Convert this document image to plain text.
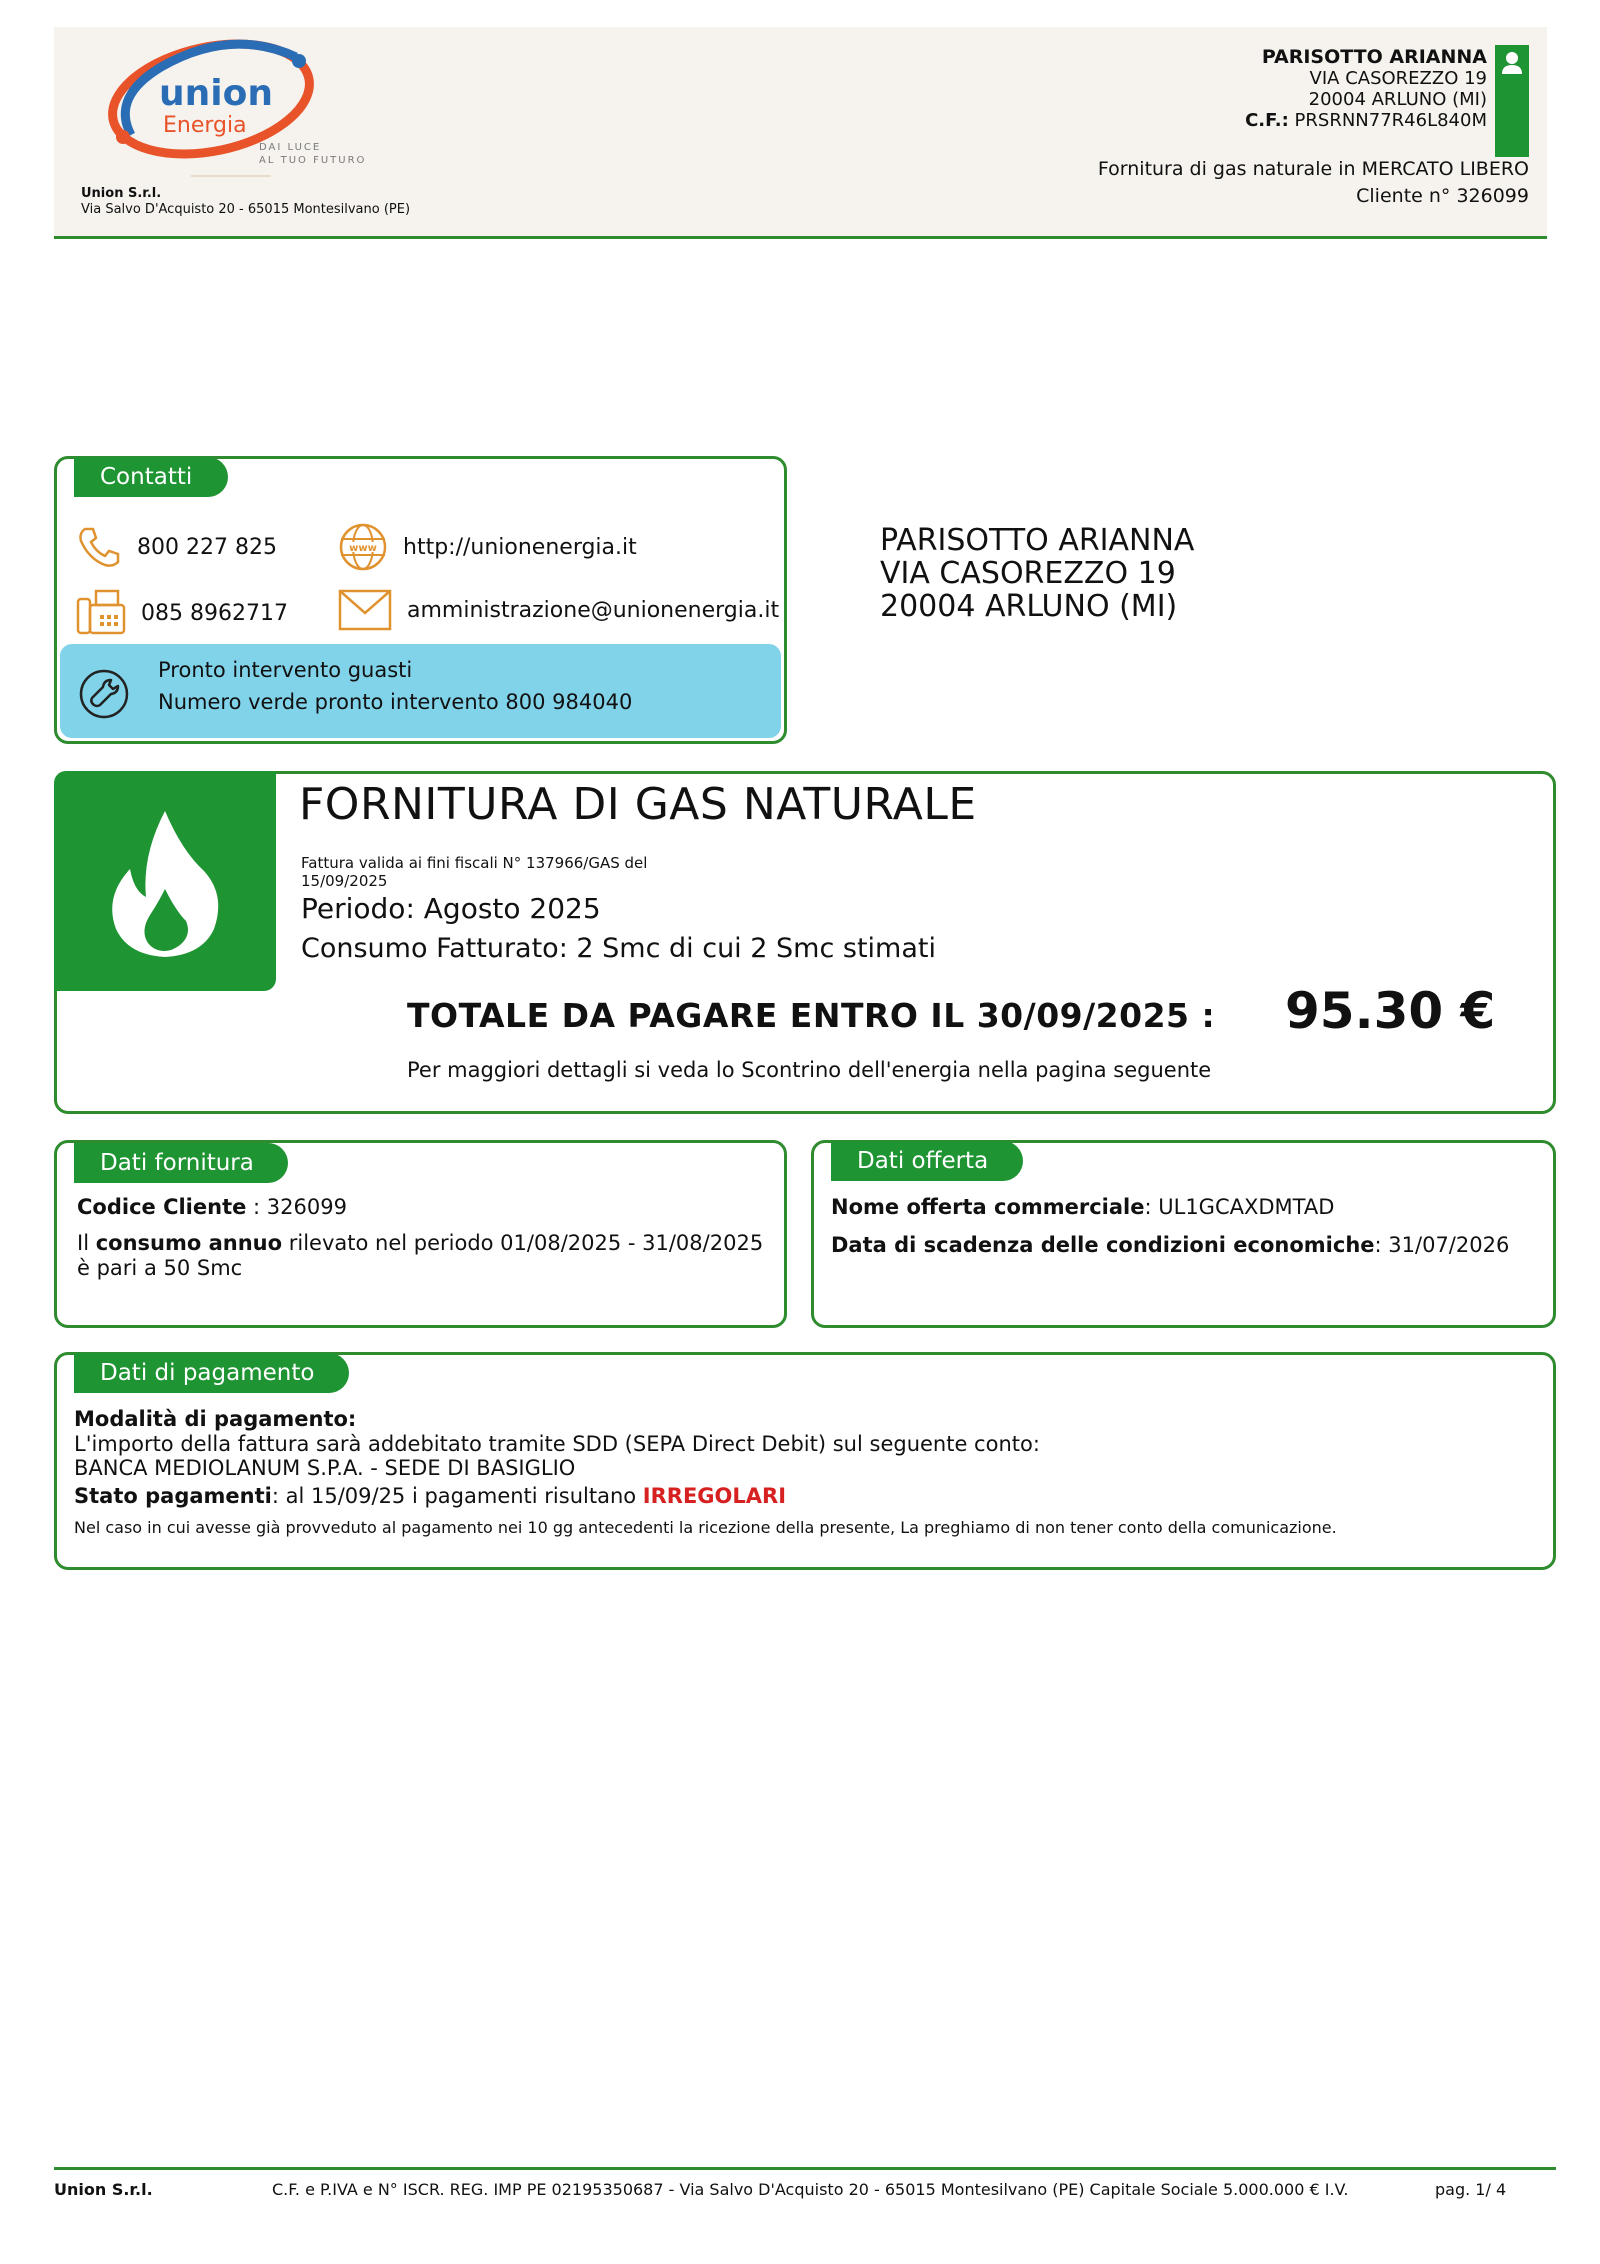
union
Energia
DAI LUCE
AL TUO FUTURO
Union S.r.l.
Via Salvo D'Acquisto 20 - 65015 Montesilvano (PE)
PARISOTTO ARIANNA
VIA CASOREZZO 19
20004 ARLUNO (MI)
C.F.: PRSRNN77R46L840M
Fornitura di gas naturale in MERCATO LIBERO
Cliente n° 326099
Contatti
800 227 825
085 8962717
www http://unionenergia.it
amministrazione@unionenergia.it
Pronto intervento guasti
Numero verde pronto intervento 800 984040
PARISOTTO ARIANNA
VIA CASOREZZO 19
20004 ARLUNO (MI)
FORNITURA DI GAS NATURALE
Fattura valida ai fini fiscali N° 137966/GAS del 15/09/2025
Periodo: Agosto 2025
Consumo Fatturato: 2 Smc di cui 2 Smc stimati
TOTALE DA PAGARE ENTRO IL 30/09/2025 : 95.30 €
Per maggiori dettagli si veda lo Scontrino dell'energia nella pagina seguente
Dati fornitura
Codice Cliente : 326099
Il consumo annuo rilevato nel periodo 01/08/2025 - 31/08/2025
è pari a 50 Smc
Dati offerta
Nome offerta commerciale: UL1GCAXDMTAD
Data di scadenza delle condizioni economiche: 31/07/2026
Dati di pagamento
Modalità di pagamento:
L'importo della fattura sarà addebitato tramite SDD (SEPA Direct Debit) sul seguente conto:
BANCA MEDIOLANUM S.P.A. - SEDE DI BASIGLIO
Stato pagamenti: al 15/09/25 i pagamenti risultano IRREGOLARI
Nel caso in cui avesse già provveduto al pagamento nei 10 gg antecedenti la ricezione della presente, La preghiamo di non tener conto della comunicazione.
Union S.r.l.	C.F. e P.IVA e N° ISCR. REG. IMP PE 02195350687 - Via Salvo D'Acquisto 20 - 65015 Montesilvano (PE) Capitale Sociale 5.000.000 € I.V.	pag. 1/ 4
